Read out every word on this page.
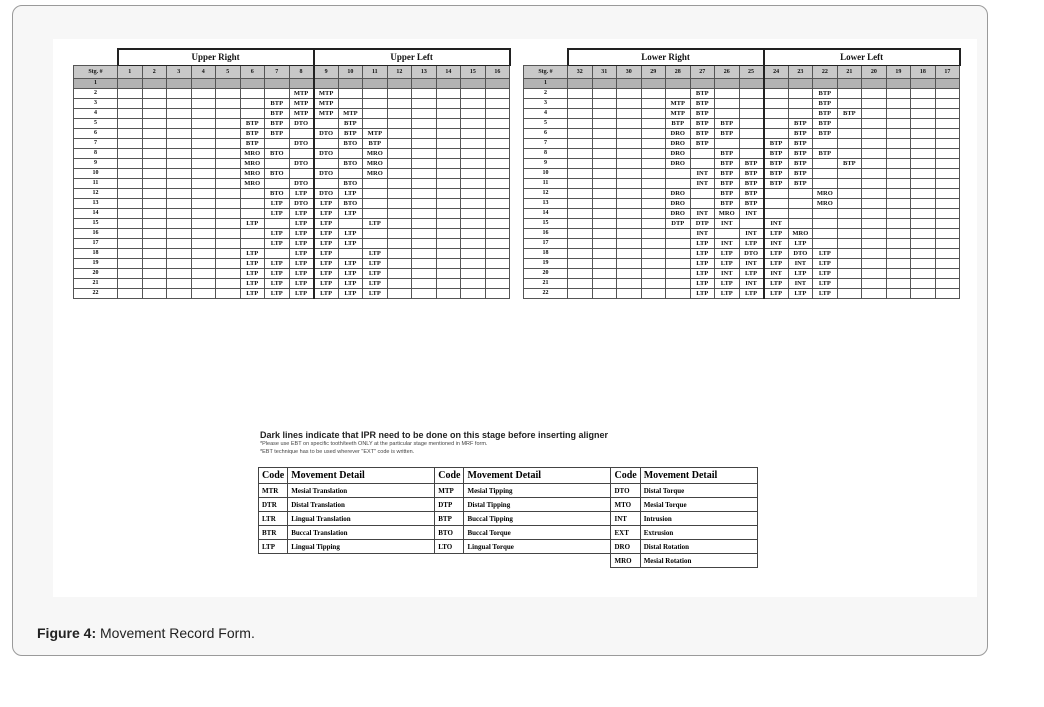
	Upper Right								Upper Left							
Stg. #	1	2	3	4	5	6	7	8	9	10	11	12	13	14	15	16
1																
2								MTP	MTP							
3							BTP	MTP	MTP							
4							BTP	MTP	MTP	MTP						
5						BTP	BTP	DTO		BTP						
6						BTP	BTP		DTO	BTP	MTP					
7						BTP		DTO		BTO	BTP					
8						MRO	BTO		DTO		MRO					
9						MRO		DTO		BTO	MRO					
10						MRO	BTO		DTO		MRO					
11						MRO		DTO		BTO						
12							BTO	LTP	DTO	LTP						
13							LTP	DTO	LTP	BTO						
14							LTP	LTP	LTP	LTP						
15						LTP		LTP	LTP		LTP					
16							LTP	LTP	LTP	LTP						
17							LTP	LTP	LTP	LTP						
18						LTP		LTP	LTP		LTP					
19						LTP	LTP	LTP	LTP	LTP	LTP					
20						LTP	LTP	LTP	LTP	LTP	LTP					
21						LTP	LTP	LTP	LTP	LTP	LTP					
22						LTP	LTP	LTP	LTP	LTP	LTP					
	Lower Right								Lower Left							
Stg. #	32	31	30	29	28	27	26	25	24	23	22	21	20	19	18	17
1																
2						BTP					BTP					
3					MTP	BTP					BTP					
4					MTP	BTP					BTP	BTP				
5					BTP	BTP	BTP			BTP	BTP					
6					DRO	BTP	BTP			BTP	BTP					
7					DRO	BTP			BTP	BTP						
8					DRO		BTP		BTP	BTP	BTP					
9					DRO		BTP	BTP	BTP	BTP		BTP				
10						INT	BTP	BTP	BTP	BTP						
11						INT	BTP	BTP	BTP	BTP						
12					DRO		BTP	BTP			MRO					
13					DRO		BTP	BTP			MRO					
14					DRO	INT	MRO	INT								
15					DTP	DTP	INT		INT							
16						INT		INT	LTP	MRO						
17						LTP	INT	LTP	INT	LTP						
18						LTP	LTP	DTO	LTP	DTO	LTP					
19						LTP	LTP	INT	LTP	INT	LTP					
20						LTP	INT	LTP	INT	LTP	LTP					
21						LTP	LTP	INT	LTP	INT	LTP					
22						LTP	LTP	LTP	LTP	LTP	LTP					
Dark lines indicate that IPR need to be done on this stage before inserting aligner
*Please use EBT on specific tooth/teeth ONLY at the particular stage mentioned in MRF form.
*EBT technique has to be used wherever "EXT" code is written.
Code	Movement Detail	Code	Movement Detail	Code	Movement Detail
MTR	Mesial Translation	MTP	Mesial Tipping	DTO	Distal Torque
DTR	Distal Translation	DTP	Distal Tipping	MTO	Mesial Torque
LTR	Lingual Translation	BTP	Buccal Tipping	INT	Intrusion
BTR	Buccal Translation	BTO	Buccal Torque	EXT	Extrusion
LTP	Lingual Tipping	LTO	Lingual Torque	DRO	Distal Rotation
				MRO	Mesial Rotation
Figure 4: Movement Record Form.
